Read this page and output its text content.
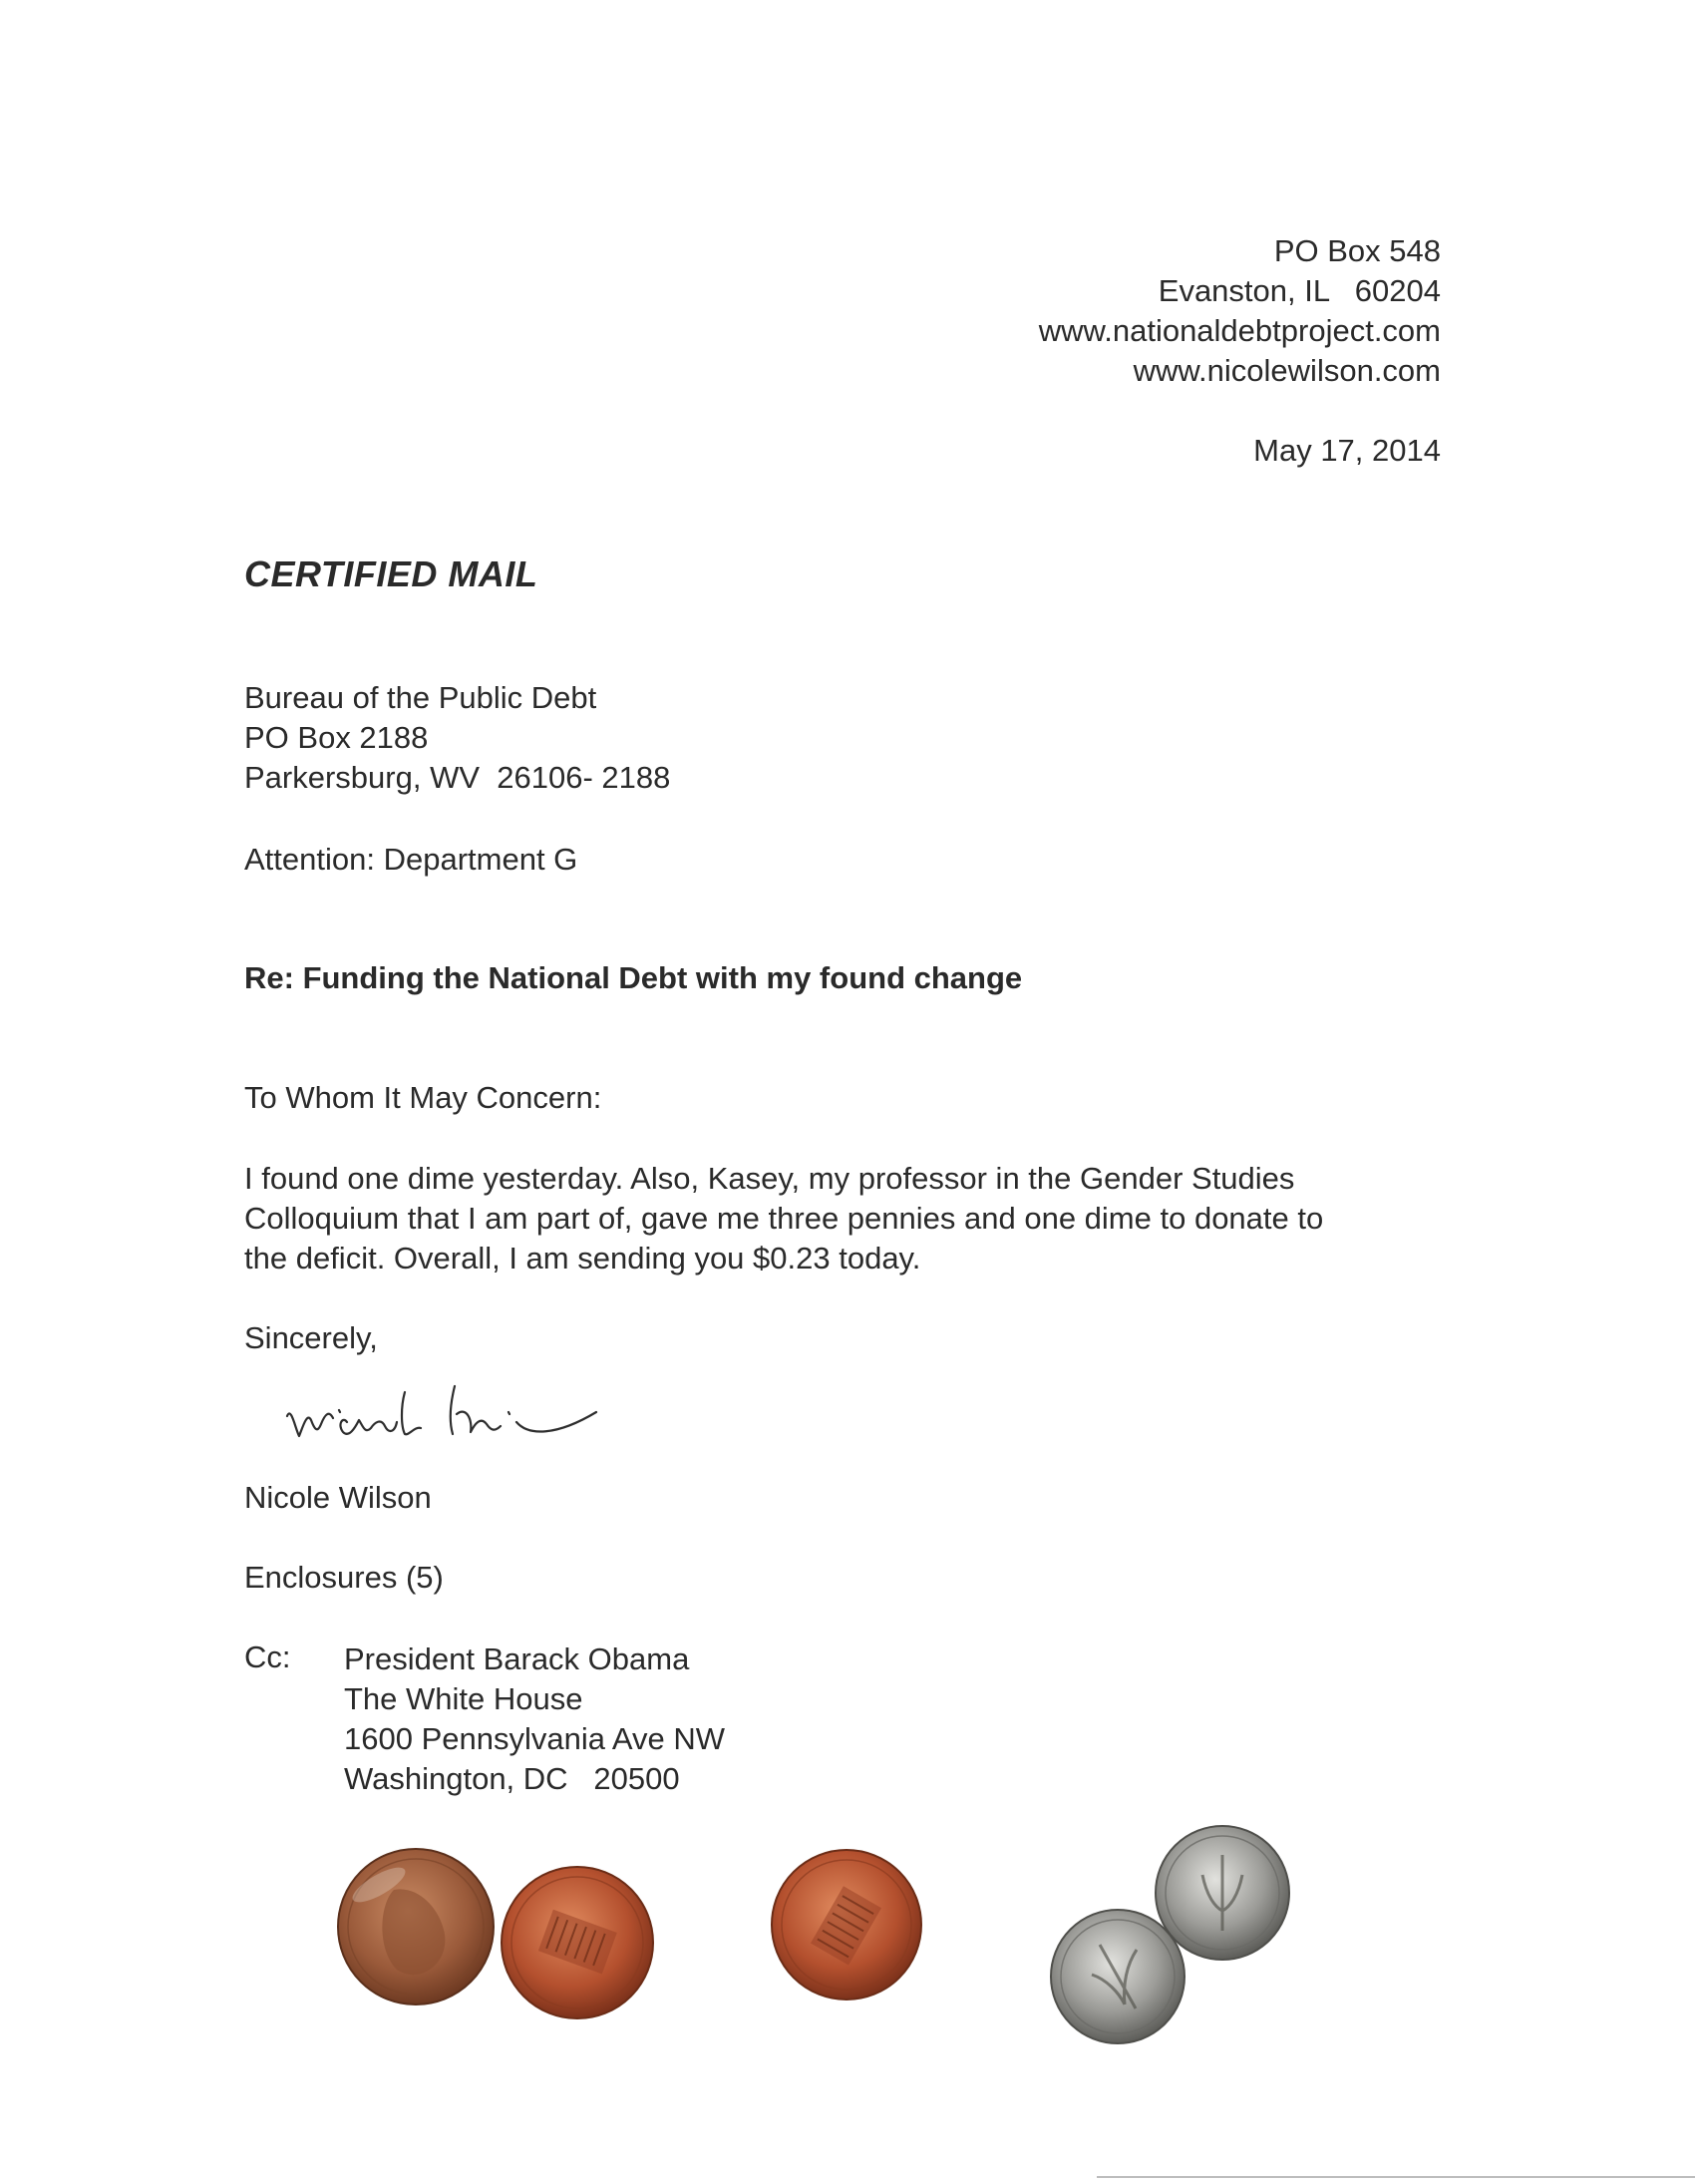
PO Box 548
Evanston, IL   60204
www.nationaldebtproject.com
www.nicolewilson.com
May 17, 2014
CERTIFIED MAIL
Bureau of the Public Debt
PO Box 2188
Parkersburg, WV  26106- 2188
Attention: Department G
Re: Funding the National Debt with my found change
To Whom It May Concern:
I found one dime yesterday. Also, Kasey, my professor in the Gender Studies
Colloquium that I am part of, gave me three pennies and one dime to donate to
the deficit. Overall, I am sending you $0.23 today.
Sincerely,
Nicole Wilson
Enclosures (5)
Cc: President Barack Obama
The White House
1600 Pennsylvania Ave NW
Washington, DC   20500
